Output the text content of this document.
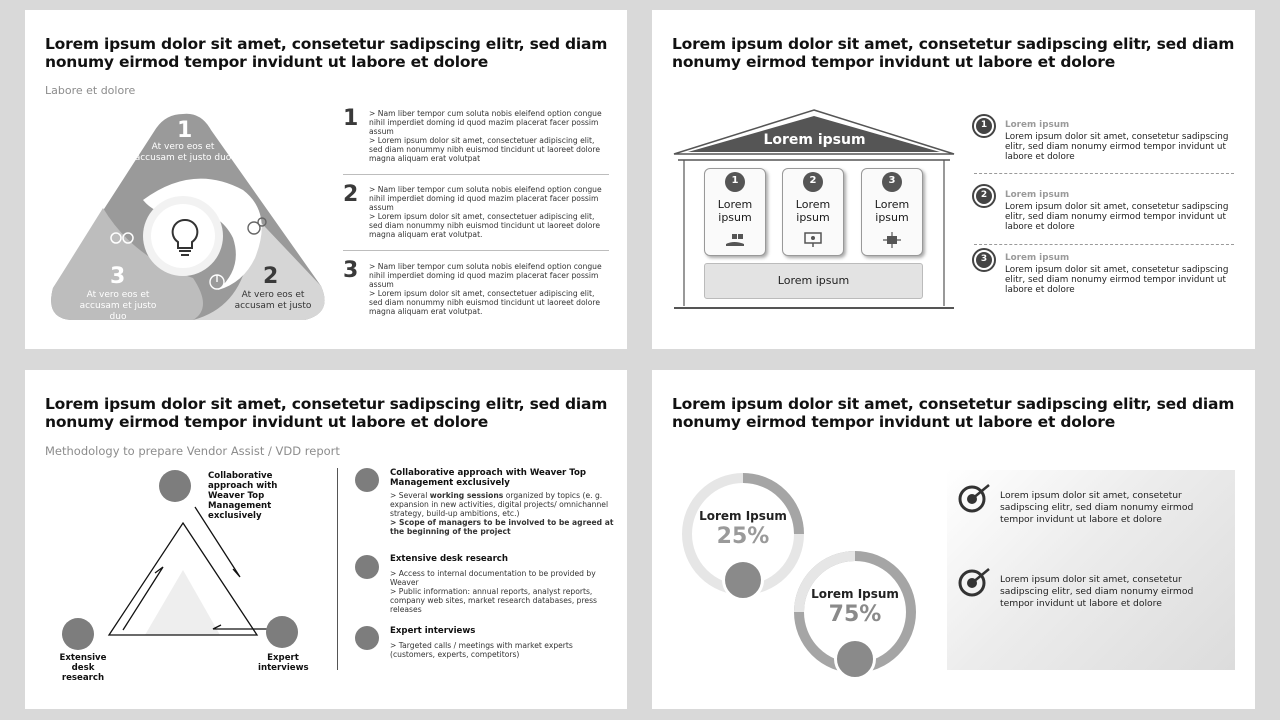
Lorem ipsum dolor sit amet, consetetur sadipscing elitr, sed diam nonumy eirmod tempor invidunt ut labore et dolore
Labore et dolore
1
At vero eos et accusam et justo duo
2
At vero eos et accusam et justo
3
At vero eos et accusam et justo duo
1 > Nam liber tempor cum soluta nobis eleifend option congue nihil imperdiet doming id quod mazim placerat facer possim assum
> Lorem ipsum dolor sit amet, consectetuer adipiscing elit, sed diam nonummy nibh euismod tincidunt ut laoreet dolore magna aliquam erat volutpat
2 > Nam liber tempor cum soluta nobis eleifend option congue nihil imperdiet doming id quod mazim placerat facer possim assum
> Lorem ipsum dolor sit amet, consectetuer adipiscing elit, sed diam nonummy nibh euismod tincidunt ut laoreet dolore magna aliquam erat volutpat.
3 > Nam liber tempor cum soluta nobis eleifend option congue nihil imperdiet doming id quod mazim placerat facer possim assum
> Lorem ipsum dolor sit amet, consectetuer adipiscing elit, sed diam nonummy nibh euismod tincidunt ut laoreet dolore magna aliquam erat volutpat.
Lorem ipsum dolor sit amet, consetetur sadipscing elitr, sed diam nonumy eirmod tempor invidunt ut labore et dolore
Lorem ipsum
1	2	3
Lorem ipsum
Lorem ipsum
Lorem ipsum
Lorem ipsum
1	Lorem ipsum
Lorem ipsum dolor sit amet, consetetur sadipscing elitr, sed diam nonumy eirmod tempor invidunt ut labore et dolore
2	Lorem ipsum
Lorem ipsum dolor sit amet, consetetur sadipscing elitr, sed diam nonumy eirmod tempor invidunt ut labore et dolore
3	Lorem ipsum
Lorem ipsum dolor sit amet, consetetur sadipscing elitr, sed diam nonumy eirmod tempor invidunt ut labore et dolore
Lorem ipsum dolor sit amet, consetetur sadipscing elitr, sed diam nonumy eirmod tempor invidunt ut labore et dolore
Methodology to prepare Vendor Assist / VDD report
Collaborative approach with Weaver Top Management exclusively
Extensive desk research
Expert interviews
Collaborative approach with Weaver Top Management exclusively
> Several working sessions organized by topics (e. g. expansion in new activities, digital projects/ omnichannel strategy, build-up ambitions, etc.)
> Scope of managers to be involved to be agreed at the beginning of the project
Extensive desk research
> Access to internal documentation to be provided by Weaver
> Public information: annual reports, analyst reports, company web sites, market research databases, press releases
Expert interviews
> Targeted calls / meetings with market experts (customers, experts, competitors)
Lorem ipsum dolor sit amet, consetetur sadipscing elitr, sed diam nonumy eirmod tempor invidunt ut labore et dolore
Lorem Ipsum
25%
Lorem Ipsum
75%
Lorem ipsum dolor sit amet, consetetur sadipscing elitr, sed diam nonumy eirmod tempor invidunt ut labore et dolore
Lorem ipsum dolor sit amet, consetetur sadipscing elitr, sed diam nonumy eirmod tempor invidunt ut labore et dolore
